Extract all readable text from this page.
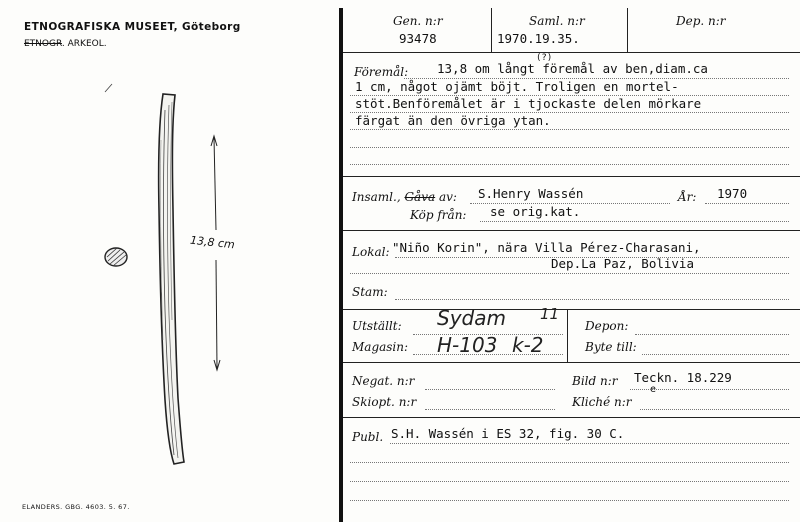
ETNOGRAFISKA MUSEET, Göteborg
ETNOGR. ARKEOL.
13,8 cm
ELANDERS. GBG. 4603. 5. 67.
Gen. n:r
93478
Saml. n:r
1970.19.35.
Dep. n:r
Föremål: 13,8 om långt föremål av ben,diam.ca
(?)
1 cm, något ojämt böjt. Troligen en mortel-
stöt.Benföremålet är i tjockaste delen mörkare
färgat än den övriga ytan.
Insaml., Gåva av: S.Henry Wassén	År: 1970
Köp från: se orig.kat.
Lokal: "Niño Korin", nära Villa Pérez-Charasani,
Dep.La Paz, Bolivia
Stam:
Utställt:
Magasin:
Sydam 11
H-103 k-2
Depon:
Byte till:
Negat. n:r
Skiopt. n:r
Bild n:r Teckn. 18.229
e
Kliché n:r
Publ. S.H. Wassén i ES 32, fig. 30 C.
